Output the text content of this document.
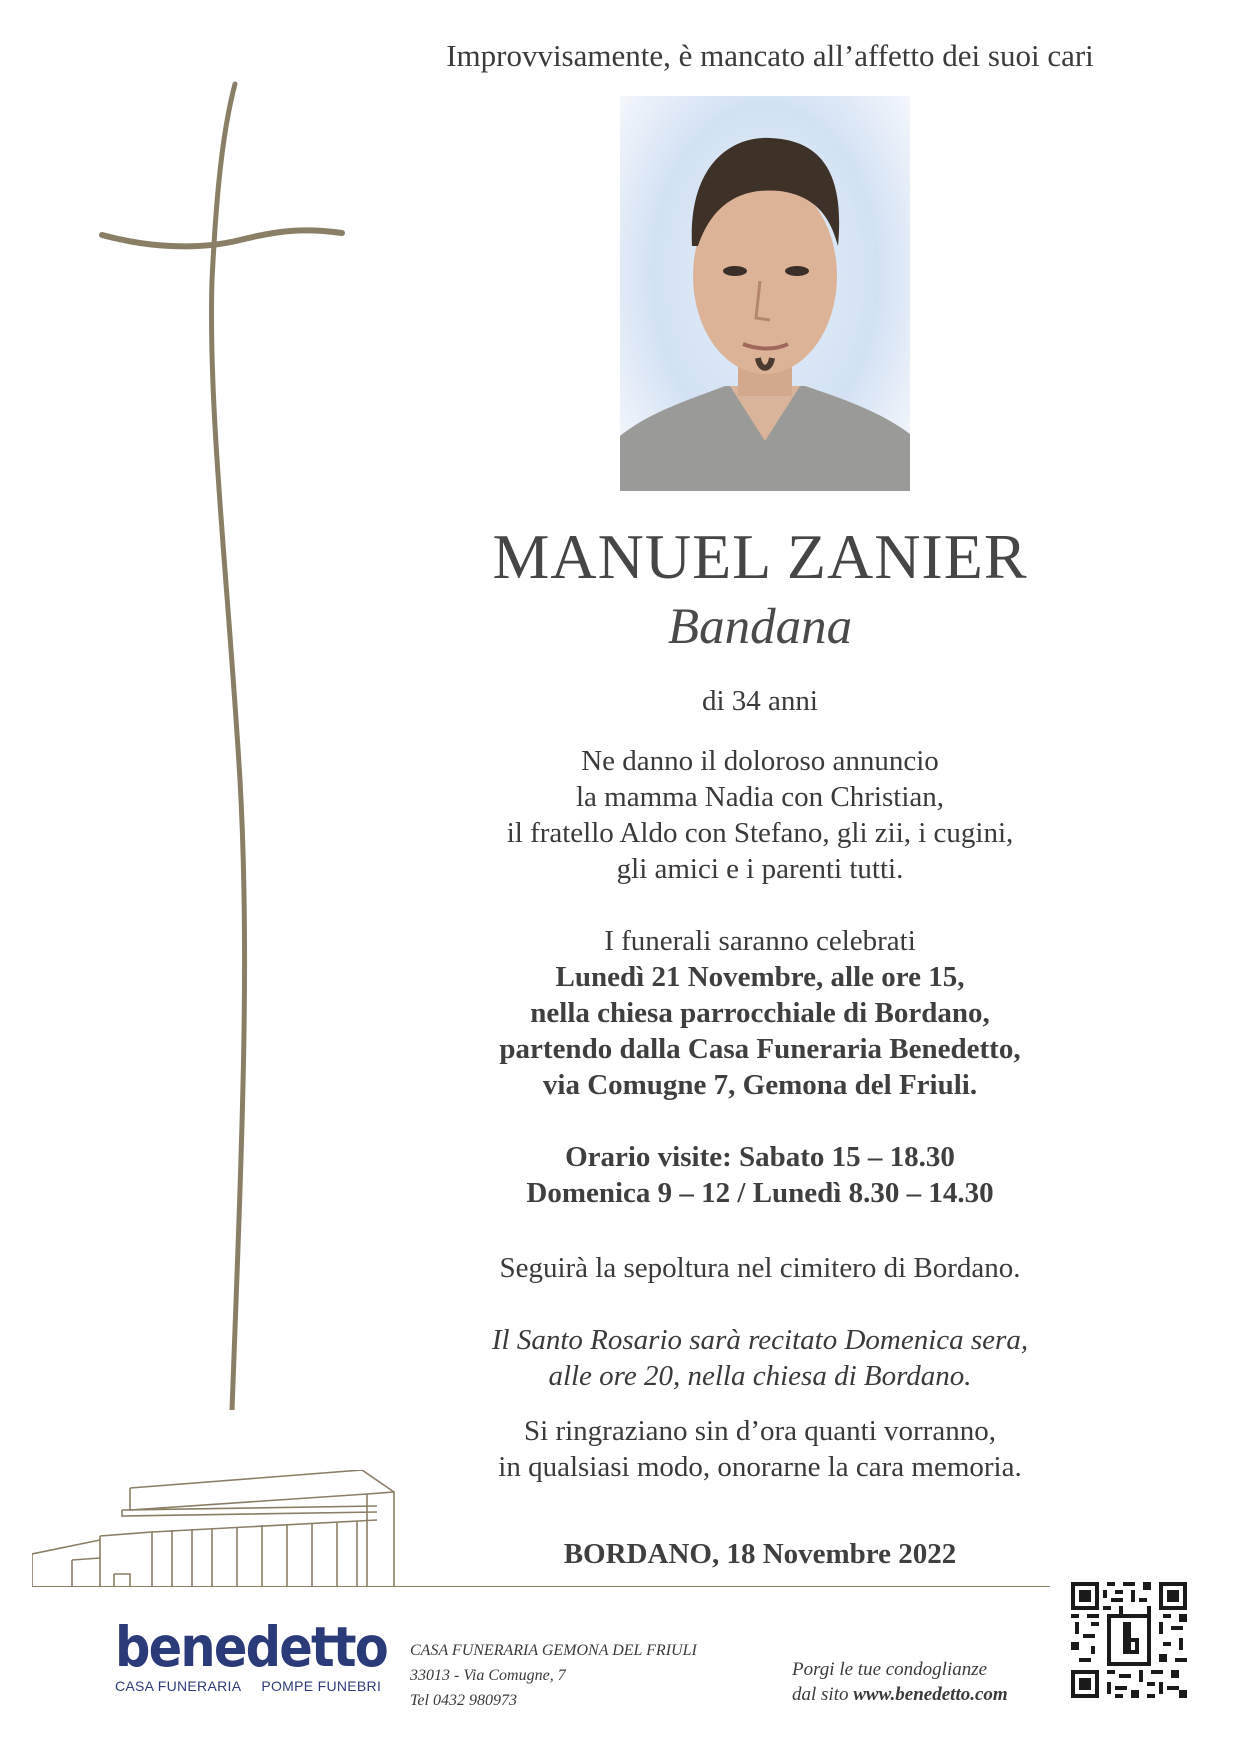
Improvvisamente, è mancato all’affetto dei suoi cari
MANUEL ZANIER
Bandana
di 34 anni
Ne danno il doloroso annuncio
la mamma Nadia con Christian,
il fratello Aldo con Stefano, gli zii, i cugini,
gli amici e i parenti tutti.
I funerali saranno celebrati
Lunedì 21 Novembre, alle ore 15,
nella chiesa parrocchiale di Bordano,
partendo dalla Casa Funeraria Benedetto,
via Comugne 7, Gemona del Friuli.
Orario visite: Sabato 15 – 18.30
Domenica 9 – 12 / Lunedì 8.30 – 14.30
Seguirà la sepoltura nel cimitero di Bordano.
Il Santo Rosario sarà recitato Domenica sera,
alle ore 20, nella chiesa di Bordano.
Si ringraziano sin d’ora quanti vorranno,
in qualsiasi modo, onorarne la cara memoria.
BORDANO, 18 Novembre 2022
benedetto
CASA FUNERARIA POMPE FUNEBRI
CASA FUNERARIA GEMONA DEL FRIULI
33013 - Via Comugne, 7
Tel 0432 980973
Porgi le tue condoglianze
dal sito www.benedetto.com
